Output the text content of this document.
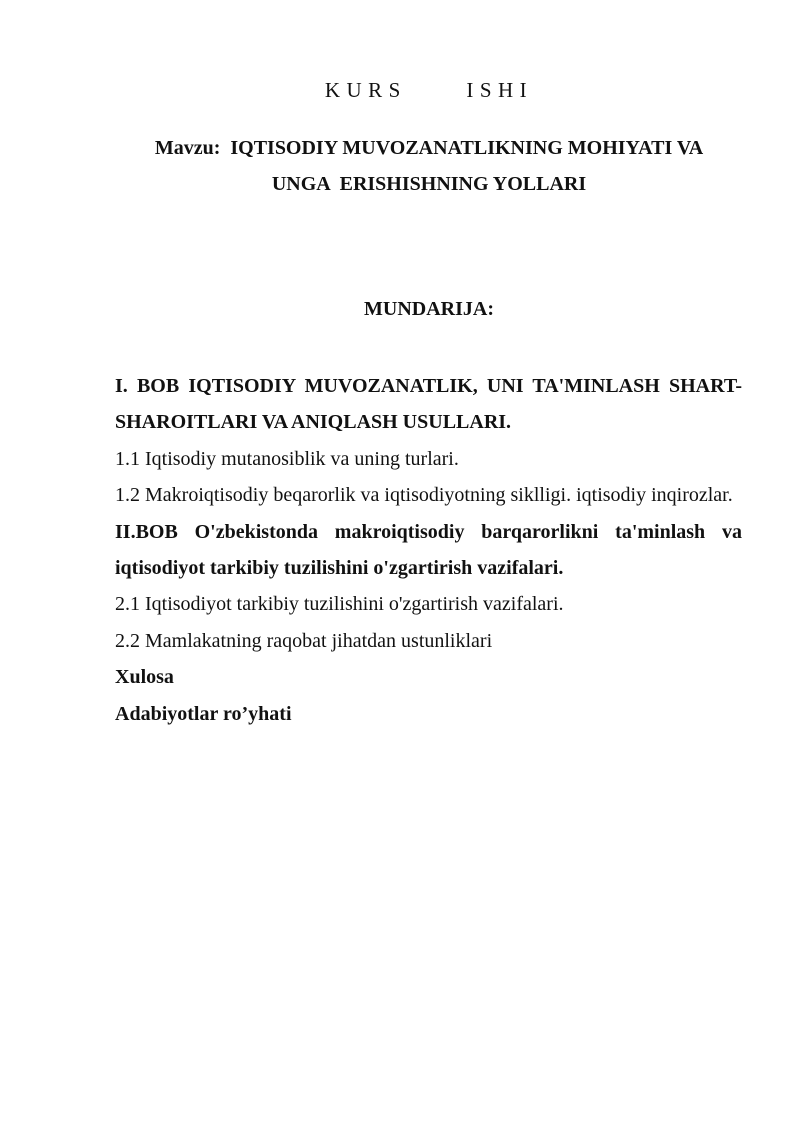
KURS  ISHI
Mavzu:  IQTISODIY MUVOZANATLIKNING MOHIYATI VA
UNGA  ERISHISHNING YOLLARI
MUNDARIJA:

I. BOB IQTISODIY MUVOZANATLIK, UNI TA'MINLASH SHART-SHAROITLARI VA ANIQLASH USULLARI.

1.1 Iqtisodiy mutanosiblik va uning turlari.

1.2 Makroiqtisodiy beqarorlik va iqtisodiyotning siklligi. iqtisodiy inqirozlar.

II.BOB O'zbekistonda makroiqtisodiy barqarorlikni ta'minlash va iqtisodiyot tarkibiy tuzilishini o'zgartirish vazifalari.

2.1 Iqtisodiyot tarkibiy tuzilishini o'zgartirish vazifalari.

2.2 Mamlakatning raqobat jihatdan ustunliklari

Xulosa

Adabiyotlar ro’yhati
